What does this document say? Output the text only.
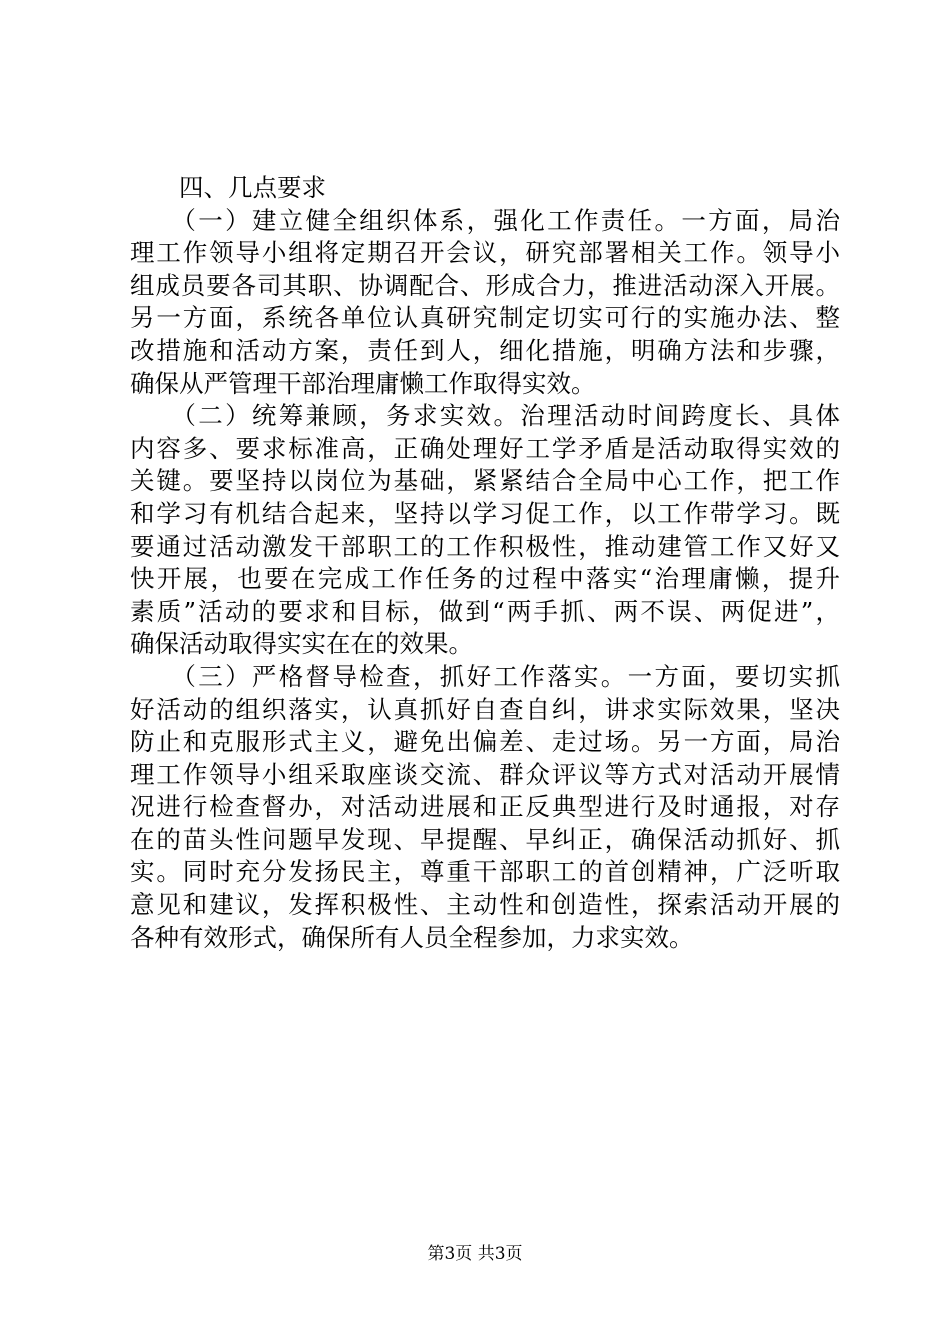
　　四、几点要求
　　（一）建立健全组织体系，强化工作责任。一方面，局治
理工作领导小组将定期召开会议，研究部署相关工作。领导小
组成员要各司其职、协调配合、形成合力，推进活动深入开展。
另一方面，系统各单位认真研究制定切实可行的实施办法、整
改措施和活动方案，责任到人，细化措施，明确方法和步骤，
确保从严管理干部治理庸懒工作取得实效。
　　（二）统筹兼顾，务求实效。治理活动时间跨度长、具体
内容多、要求标准高，正确处理好工学矛盾是活动取得实效的
关键。要坚持以岗位为基础，紧紧结合全局中心工作，把工作
和学习有机结合起来，坚持以学习促工作，以工作带学习。既
要通过活动激发干部职工的工作积极性，推动建管工作又好又
快开展，也要在完成工作任务的过程中落实“治理庸懒，提升
素质”活动的要求和目标，做到“两手抓、两不误、两促进”，
确保活动取得实实在在的效果。
　　（三）严格督导检查，抓好工作落实。一方面，要切实抓
好活动的组织落实，认真抓好自查自纠，讲求实际效果，坚决
防止和克服形式主义，避免出偏差、走过场。另一方面，局治
理工作领导小组采取座谈交流、群众评议等方式对活动开展情
况进行检查督办，对活动进展和正反典型进行及时通报，对存
在的苗头性问题早发现、早提醒、早纠正，确保活动抓好、抓
实。同时充分发扬民主，尊重干部职工的首创精神，广泛听取
意见和建议，发挥积极性、主动性和创造性，探索活动开展的
各种有效形式，确保所有人员全程参加，力求实效。
第3页 共3页
